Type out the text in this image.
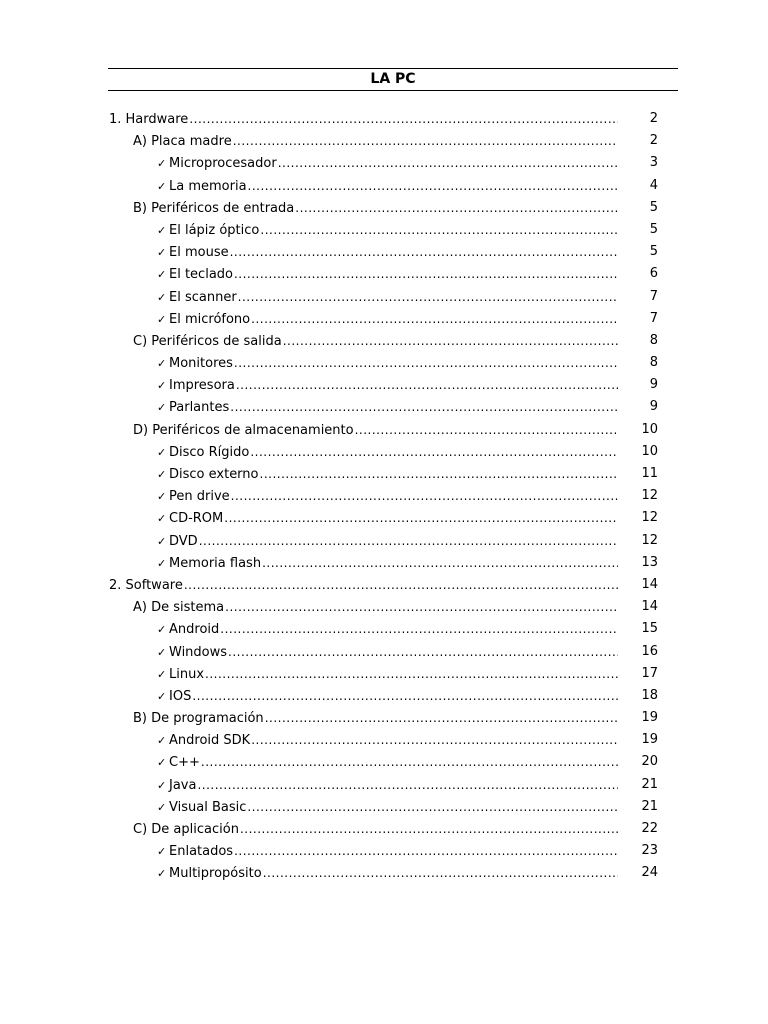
LA PC
1. Hardware .....	2
A) Placa madre .....	2
✓ Microprocesador .....	3
✓ La memoria .....	4
B) Periféricos de entrada .....	5
✓ El lápiz óptico .....	5
✓ El mouse .....	5
✓ El teclado .....	6
✓ El scanner .....	7
✓ El micrófono .....	7
C) Periféricos de salida .....	8
✓ Monitores .....	8
✓ Impresora .....	9
✓ Parlantes .....	9
D) Periféricos de almacenamiento .....	10
✓ Disco Rígido .....	10
✓ Disco externo .....	11
✓ Pen drive .....	12
✓ CD-ROM .....	12
✓ DVD .....	12
✓ Memoria flash .....	13
2. Software .....	14
A) De sistema .....	14
✓ Android .....	15
✓ Windows .....	16
✓ Linux .....	17
✓ IOS .....	18
B) De programación .....	19
✓ Android SDK .....	19
✓ C++ .....	20
✓ Java .....	21
✓ Visual Basic .....	21
C) De aplicación .....	22
✓ Enlatados .....	23
✓ Multipropósito .....	24
